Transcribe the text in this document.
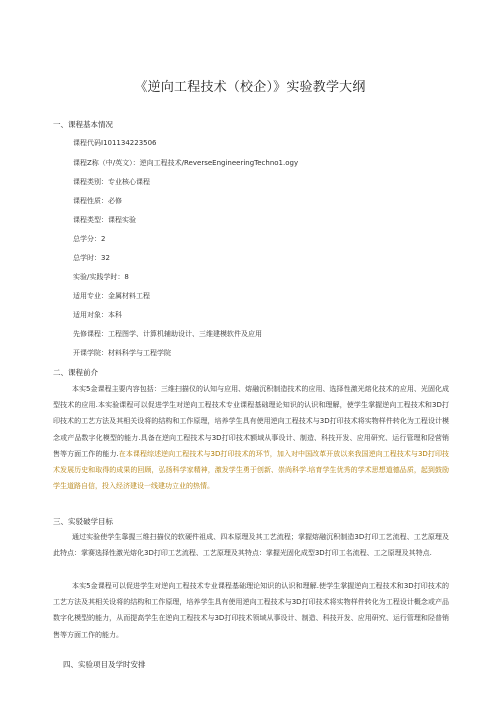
《逆向工程技术（校企）》实验教学大纲
一、课程基本情况
课程代码I101134223506
课程Z称（中/英文）：逆向工程技术/ReverseEngineeringTechno1.ogy
课程类别：专业核心课程
课程性质：必修
课程类型：课程实验
总学分：2
总学时：32
实验/实践学时：8
适用专业：金属材料工程
适用对象：本科
先修课程：工程图学、计算机辅助设计、三维建模软件及应用
开课学院：材料科学与工程学院
二、课程前介
本实5金课程主要内容包括：三维扫描仪的认知与应用、熔融沉积制造技术的应用、选择性激光熔化技术的应用、光固化成型技术的应用.本实验课程可以促进学生对逆向工程技术专业课程基础理论知识的认识和理解，使学生掌握逆向工程技术和3D打印技术的工艺方法及其相关设将的结构和工作原理，培养学生具有使用逆向工程技术与3D打印技术将实物样件转化为工程设计模念或产品数字化模型的能力.具备在逆向工程技术与3D打印技术额域从事设计、制造、科技开发、应用研究、运行管理和陉营销售等方面工作的能力.在本课程综述逆向工程技术与3D打印技术的环节，加入对中国改革开放以来我国逆向工程技术与3D打印技术发展历史和取得的成果的回顾，弘扬科学家精神，激发学生勇于创新、崇尚科学.培育学生优秀的学术思想道德品质，起到鼓励学生道路自信，投入经济建设一线建功立业的热情。
三、实驳破学目标
通过实验使学生靠握三维扫描仪的软硬件祖成、四本原理及其工艺流程；掌握熔融沉积制造3D打印工艺流程、工艺原理及此特点：掌赛选择性激光熔化3D打印工艺流程、工艺原理及其特点：掌握光固化成型3D打印工名流程、工之原理及其特点.
本实5金课程可以促进学生对逆向工程技术专业课程基础理论知识的认识和理解.使学生掌握逆向工程技术和3D打印技术的工艺方法及其相关设将的结构和工作原理，培养学生具有使用逆向工程技术与3D打印技术将实物样件转化为工程设计概念或产品数字化模型的能力，从而提高学生在逆向工程技术与3D打印技术领域从事设计、制造、科技开发、应用研究、运行管理和陉普销售等方面工作的能力。
四、实验项目及学时安排
